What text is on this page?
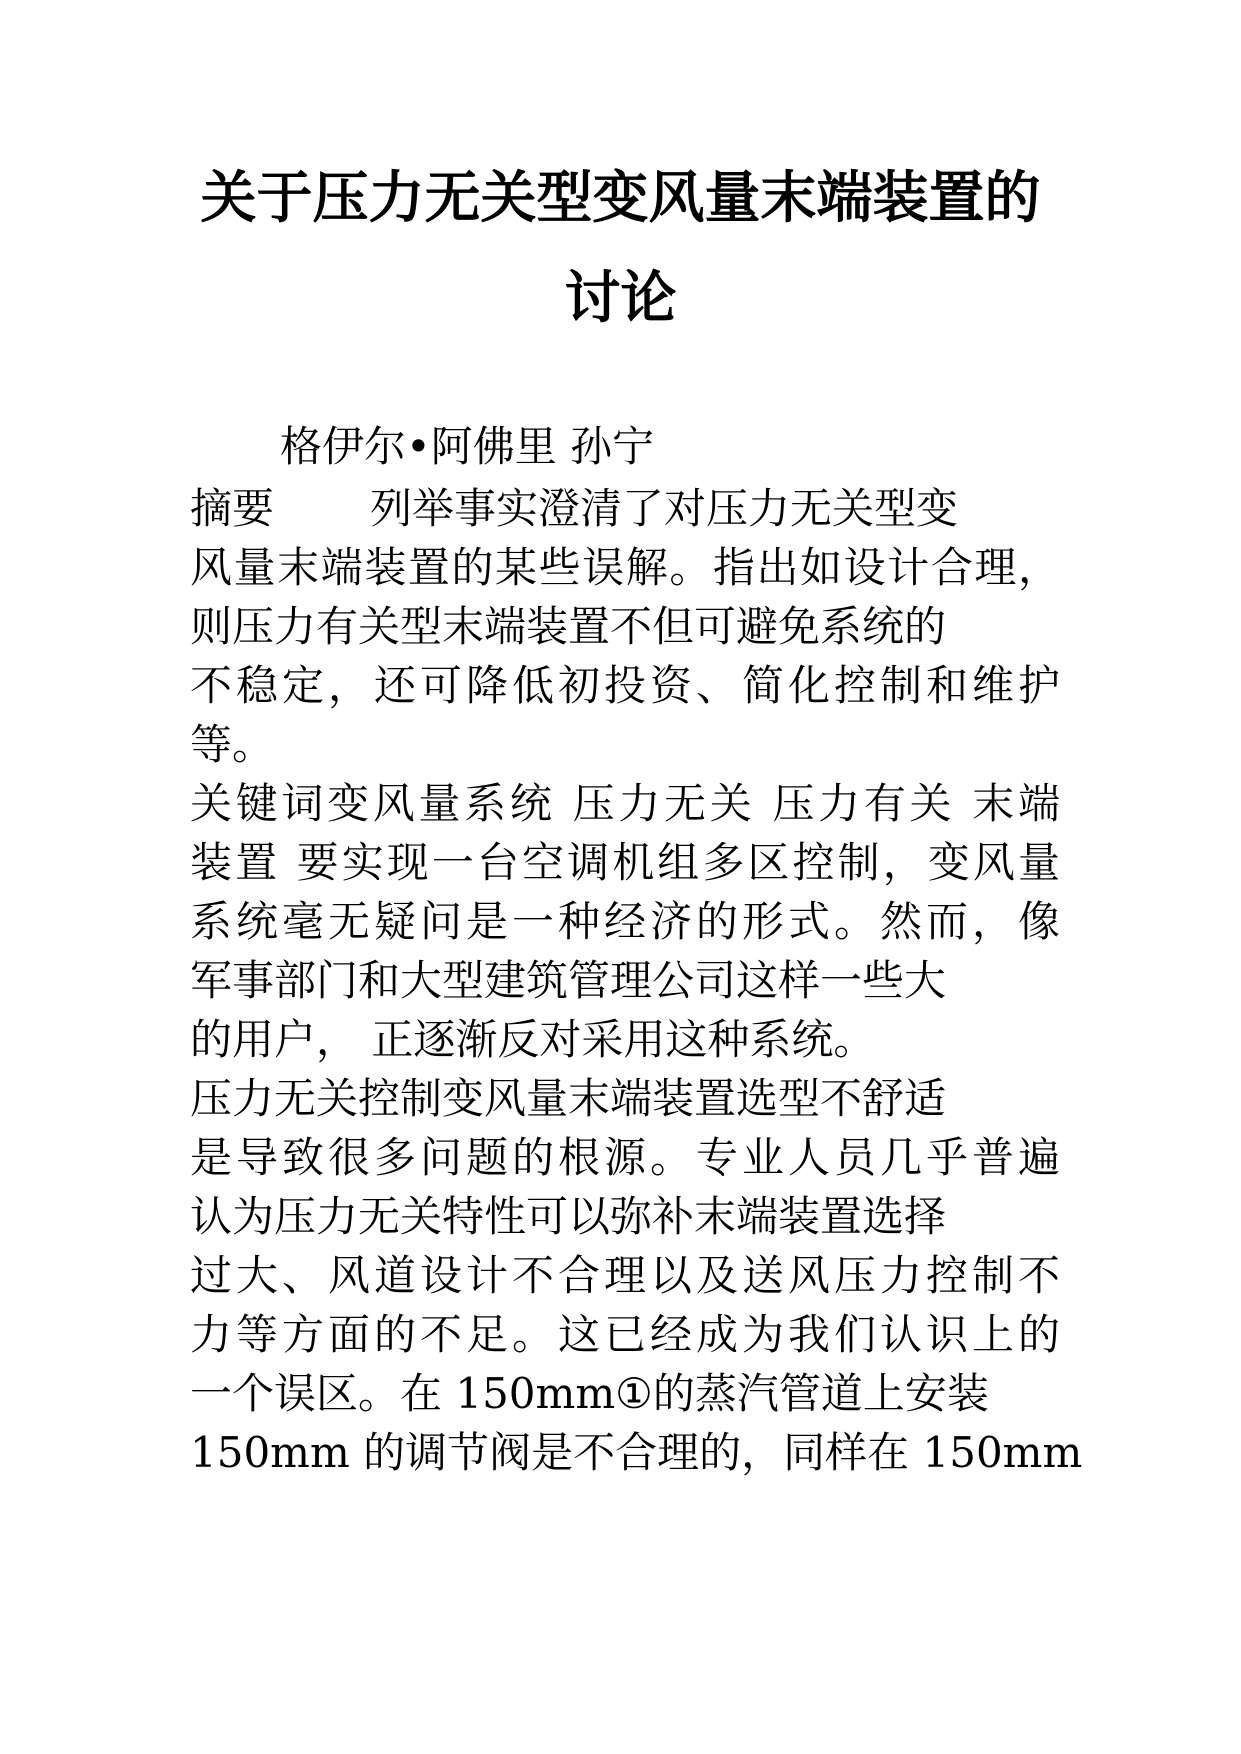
关于压力无关型变风量末端装置的
讨论
格伊尔•阿佛里 孙宁
摘要 列举事实澄清了对压力无关型变
风量末端装置的某些误解。指出如设计合理，
则压力有关型末端装置不但可避免系统的
不稳定，还可降低初投资、简化控制和维护
等。
关键词变风量系统 压力无关 压力有关 末端
装置 要实现一台空调机组多区控制，变风量
系统毫无疑问是一种经济的形式。然而，像
军事部门和大型建筑管理公司这样一些大
的用户， 正逐渐反对采用这种系统。
压力无关控制变风量末端装置选型不舒适
是导致很多问题的根源。专业人员几乎普遍
认为压力无关特性可以弥补末端装置选择
过大、风道设计不合理以及送风压力控制不
力等方面的不足。这已经成为我们认识上的
一个误区。在 150mm①的蒸汽管道上安装
150mm 的调节阀是不合理的，同样在 150mm
